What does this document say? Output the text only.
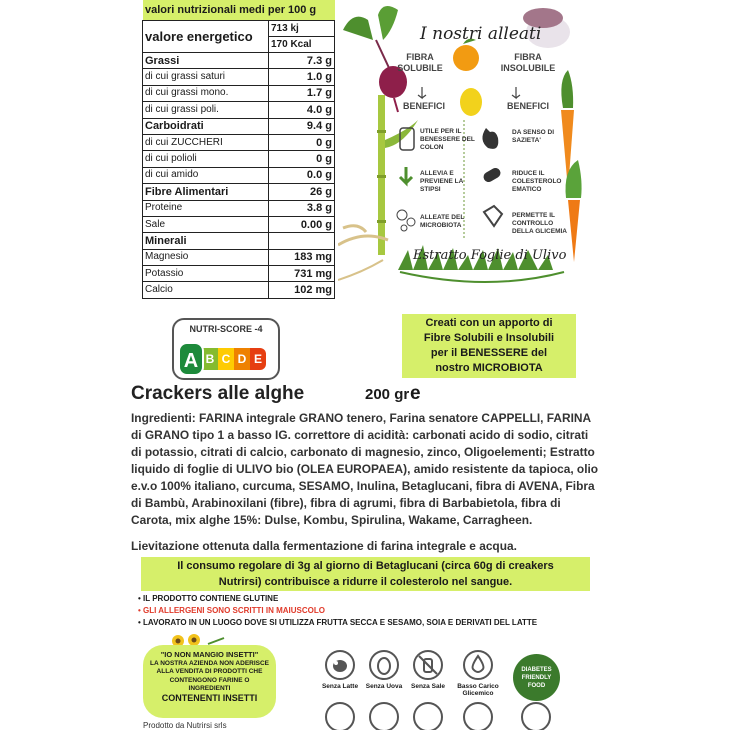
valori nutrizionali medi per 100 g
valore energetico	713 kj
	170 Kcal
Grassi	7.3 g
di cui grassi saturi	1.0 g
di cui grassi mono.	1.7 g
di cui grassi poli.	4.0 g
Carboidrati	9.4 g
di cui ZUCCHERI	0 g
di cui polioli	0 g
di cui amido	0.0 g
Fibre Alimentari	26 g
Proteine	3.8 g
Sale	0.00 g
Minerali	
Magnesio	183 mg
Potassio	731 mg
Calcio	102 mg
I nostri alleati
FIBRA SOLUBILE
FIBRA INSOLUBILE
BENEFICI	BENEFICI
UTILE PER IL BENESSERE DEL COLON
ALLEVIA E PREVIENE LA STIPSI
ALLEATE DEL MICROBIOTA
DA SENSO DI SAZIETA'
RIDUCE IL COLESTEROLO EMATICO
PERMETTE IL CONTROLLO DELLA GLICEMIA
Estratto Foglie di Ulivo
NUTRI-SCORE -4
A B C D E
Creati con un apporto di
Fibre Solubili e Insolubili
per il BENESSERE del
nostro MICROBIOTA
Crackers alle alghe	200 gr e
Ingredienti: FARINA integrale GRANO tenero, Farina senatore CAPPELLI, FARINA di GRANO tipo 1 a basso IG. correttore di acidità: carbonati acido di sodio, citrati di potassio, citrati di calcio, carbonato di magnesio, zinco, Oligoelementi; Estratto liquido di foglie di ULIVO bio (OLEA EUROPAEA), amido resistente da tapioca, olio e.v.o 100% italiano, curcuma, SESAMO, Inulina, Betaglucani, fibra di AVENA, Fibra di Bambù, Arabinoxilani (fibre), fibra di agrumi, fibra di Barbabietola, fibra di Carota, mix alghe 15%: Dulse, Kombu, Spirulina, Wakame, Carragheen.
Lievitazione ottenuta dalla fermentazione di farina integrale e acqua.
Il consumo regolare di 3g al giorno di Betaglucani (circa 60g di creakers
Nutrirsi) contribuisce a ridurre il colesterolo nel sangue.
• IL PRODOTTO CONTIENE GLUTINE
• GLI ALLERGENI SONO SCRITTI IN MAIUSCOLO
• LAVORATO IN UN LUOGO DOVE SI UTILIZZA FRUTTA SECCA E SESAMO, SOIA E DERIVATI DEL LATTE
"IO NON MANGIO INSETTI"
LA NOSTRA AZIENDA NON ADERISCE
ALLA VENDITA DI PRODOTTI CHE
CONTENGONO FARINE O
INGREDIENTI
CONTENENTI INSETTI
Prodotto da Nutrirsi srls
Senza Latte	Senza Uova	Senza Sale	Basso Carico Glicemico
DIABETES
FRIENDLY
FOOD
